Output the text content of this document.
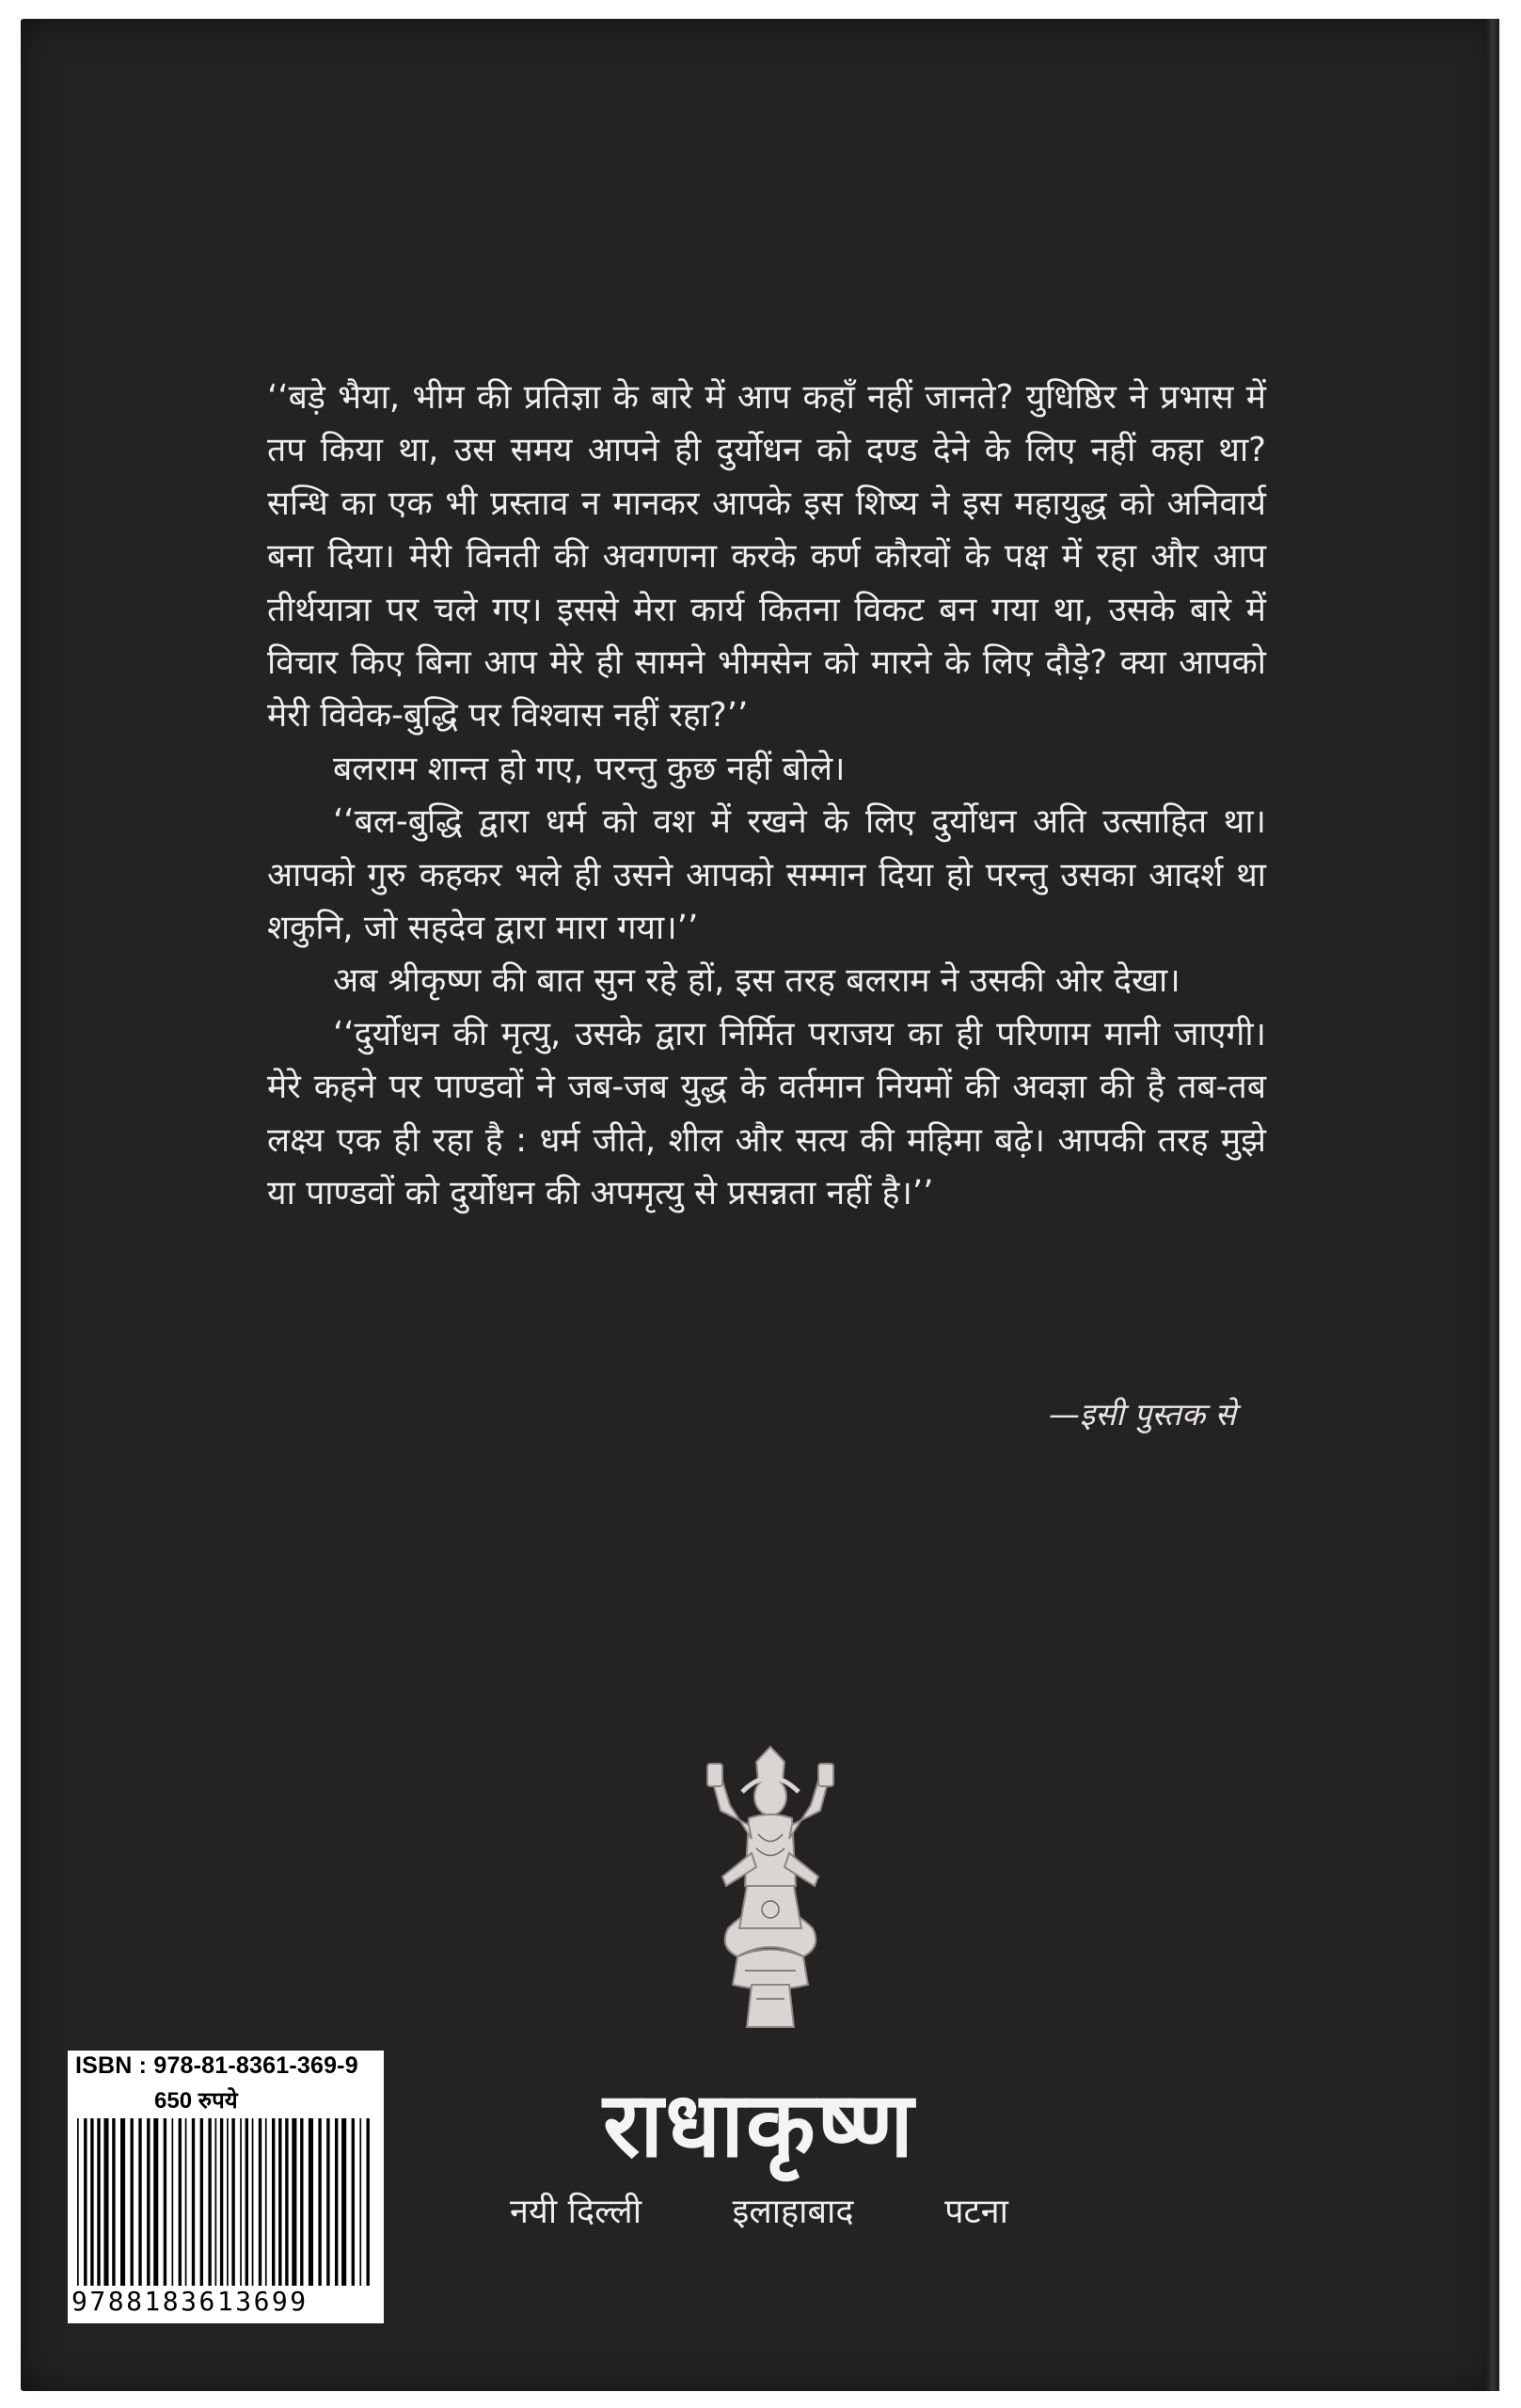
‘‘बड़े भैया, भीम की प्रतिज्ञा के बारे में आप कहाँ नहीं जानते? युधिष्ठिर ने प्रभास में तप किया था, उस समय आपने ही दुर्योधन को दण्ड देने के लिए नहीं कहा था? सन्धि का एक भी प्रस्ताव न मानकर आपके इस शिष्य ने इस महायुद्ध को अनिवार्य बना दिया। मेरी विनती की अवगणना करके कर्ण कौरवों के पक्ष में रहा और आप तीर्थयात्रा पर चले गए। इससे मेरा कार्य कितना विकट बन गया था, उसके बारे में विचार किए बिना आप मेरे ही सामने भीमसेन को मारने के लिए दौड़े? क्या आपको मेरी विवेक-बुद्धि पर विश्वास नहीं रहा?’’

बलराम शान्त हो गए, परन्तु कुछ नहीं बोले।

‘‘बल-बुद्धि द्वारा धर्म को वश में रखने के लिए दुर्योधन अति उत्साहित था। आपको गुरु कहकर भले ही उसने आपको सम्मान दिया हो परन्तु उसका आदर्श था शकुनि, जो सहदेव द्वारा मारा गया।’’

अब श्रीकृष्ण की बात सुन रहे हों, इस तरह बलराम ने उसकी ओर देखा।

‘‘दुर्योधन की मृत्यु, उसके द्वारा निर्मित पराजय का ही परिणाम मानी जाएगी। मेरे कहने पर पाण्डवों ने जब-जब युद्ध के वर्तमान नियमों की अवज्ञा की है तब-तब लक्ष्य एक ही रहा है : धर्म जीते, शील और सत्य की महिमा बढ़े। आपकी तरह मुझे या पाण्डवों को दुर्योधन की अपमृत्यु से प्रसन्नता नहीं है।’’

—इसी पुस्तक से
राधाकृष्ण
नयी दिल्ली	इलाहाबाद	पटना
ISBN : 978-81-8361-369-9
650 रुपये
9788183613699
